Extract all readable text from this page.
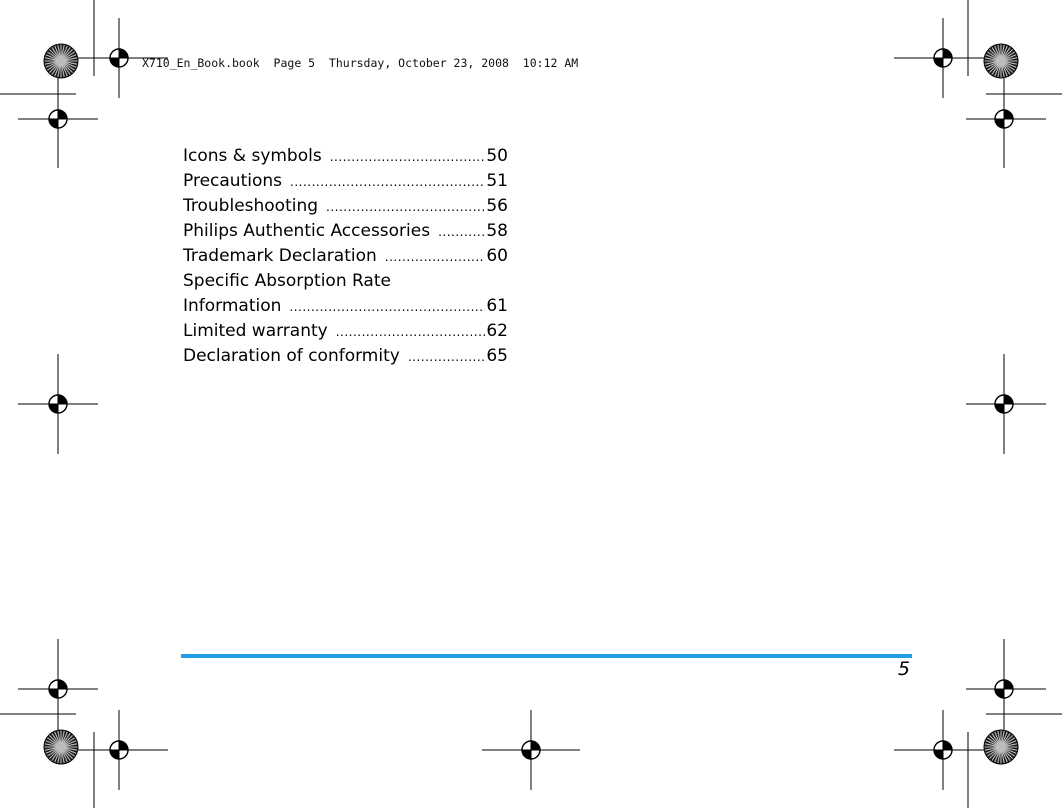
X710_En_Book.book  Page 5  Thursday, October 23, 2008  10:12 AM
Icons & symbols .....	50
Precautions .....	51
Troubleshooting .....	56
Philips Authentic Accessories .....	58
Trademark Declaration .....	60
Specific Absorption Rate
Information .....	61
Limited warranty .....	62
Declaration of conformity .....	65
5
